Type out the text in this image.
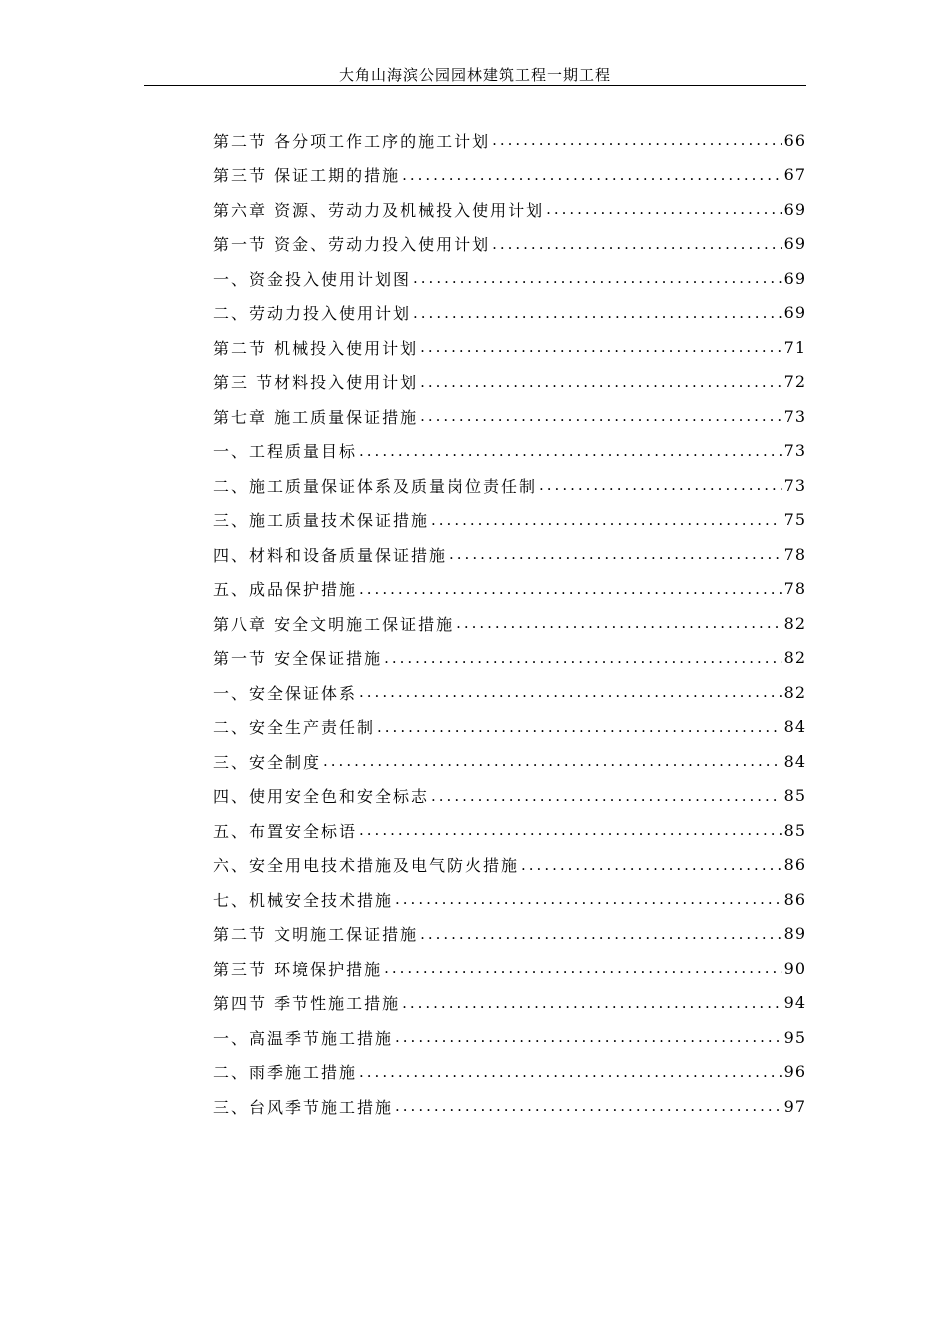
大角山海滨公园园林建筑工程一期工程
第二节 各分项工作工序的施工计划 .....	66
第三节 保证工期的措施 .....	67
第六章 资源、劳动力及机械投入使用计划 .....	69
第一节 资金、劳动力投入使用计划 .....	69
一、资金投入使用计划图 .....	69
二、劳动力投入使用计划 .....	69
第二节 机械投入使用计划 .....	71
第三 节材料投入使用计划 .....	72
第七章 施工质量保证措施 .....	73
一、工程质量目标 .....	73
二、施工质量保证体系及质量岗位责任制 .....	73
三、施工质量技术保证措施 .....	75
四、材料和设备质量保证措施 .....	78
五、成品保护措施 .....	78
第八章 安全文明施工保证措施 .....	82
第一节 安全保证措施 .....	82
一、安全保证体系 .....	82
二、安全生产责任制 .....	84
三、安全制度 .....	84
四、使用安全色和安全标志 .....	85
五、布置安全标语 .....	85
六、安全用电技术措施及电气防火措施 .....	86
七、机械安全技术措施 .....	86
第二节 文明施工保证措施 .....	89
第三节 环境保护措施 .....	90
第四节 季节性施工措施 .....	94
一、高温季节施工措施 .....	95
二、雨季施工措施 .....	96
三、台风季节施工措施 .....	97
